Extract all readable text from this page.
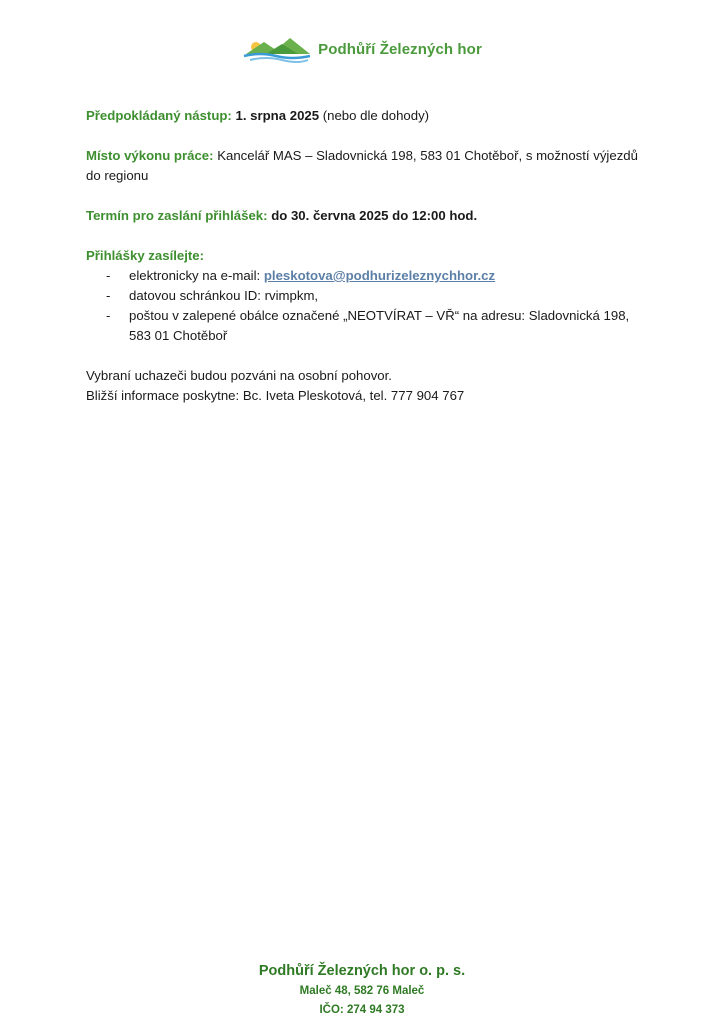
Podhůří Železných hor

Předpokládaný nástup: 1. srpna 2025 (nebo dle dohody)

Místo výkonu práce: Kancelář MAS – Sladovnická 198, 583 01 Chotěboř, s možností výjezdů do regionu

Termín pro zaslání přihlášek: do 30. června 2025 do 12:00 hod.

Přihlášky zasílejte:
- elektronicky na e-mail: pleskotova@podhurizeleznychhor.cz
- datovou schránkou ID: rvimpkm,
- poštou v zalepené obálce označené „NEOTVÍRAT – VŘ“ na adresu: Sladovnická 198, 583 01 Chotěboř
Vybraní uchazeči budou pozváni na osobní pohovor.
Bližší informace poskytne: Bc. Iveta Pleskotová, tel. 777 904 767
Podhůří Železných hor o. p. s.
Maleč 48, 582 76 Maleč
IČO: 274 94 373
